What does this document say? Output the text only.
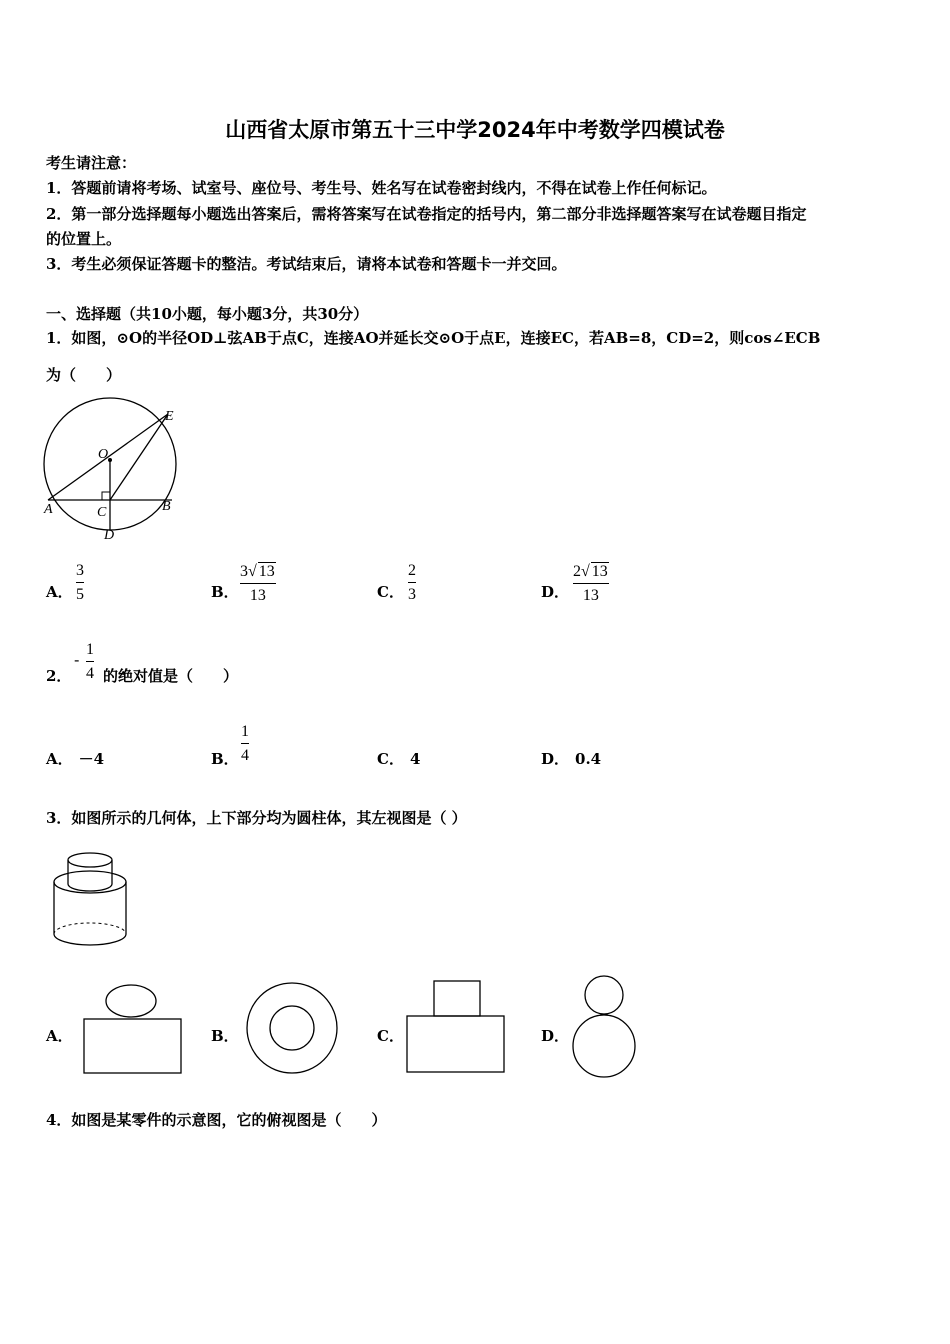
山西省太原市第五十三中学2024年中考数学四模试卷
考生请注意：
1．答题前请将考场、试室号、座位号、考生号、姓名写在试卷密封线内，不得在试卷上作任何标记。
2．第一部分选择题每小题选出答案后，需将答案写在试卷指定的括号内，第二部分非选择题答案写在试卷题目指定
的位置上。
3．考生必须保证答题卡的整洁。考试结束后，请将本试卷和答题卡一并交回。
一、选择题（共10小题，每小题3分，共30分）
1．如图，⊙O的半径OD⊥弦AB于点C，连接AO并延长交⊙O于点E，连接EC，若AB=8，CD=2，则cos∠ECB
为（　　）
O
E
A	C	B
D
A．
3
5	B．
3√ 13
13	C．
2
3	D．
2√ 13
13
2．
-
1
4 的绝对值是（　　）
A． －4	B．
1
4	C． 4	D． 0.4
3．如图所示的几何体，上下部分均为圆柱体，其左视图是（ ）
A．	B．	C．	D．
4．如图是某零件的示意图，它的俯视图是（　　）
